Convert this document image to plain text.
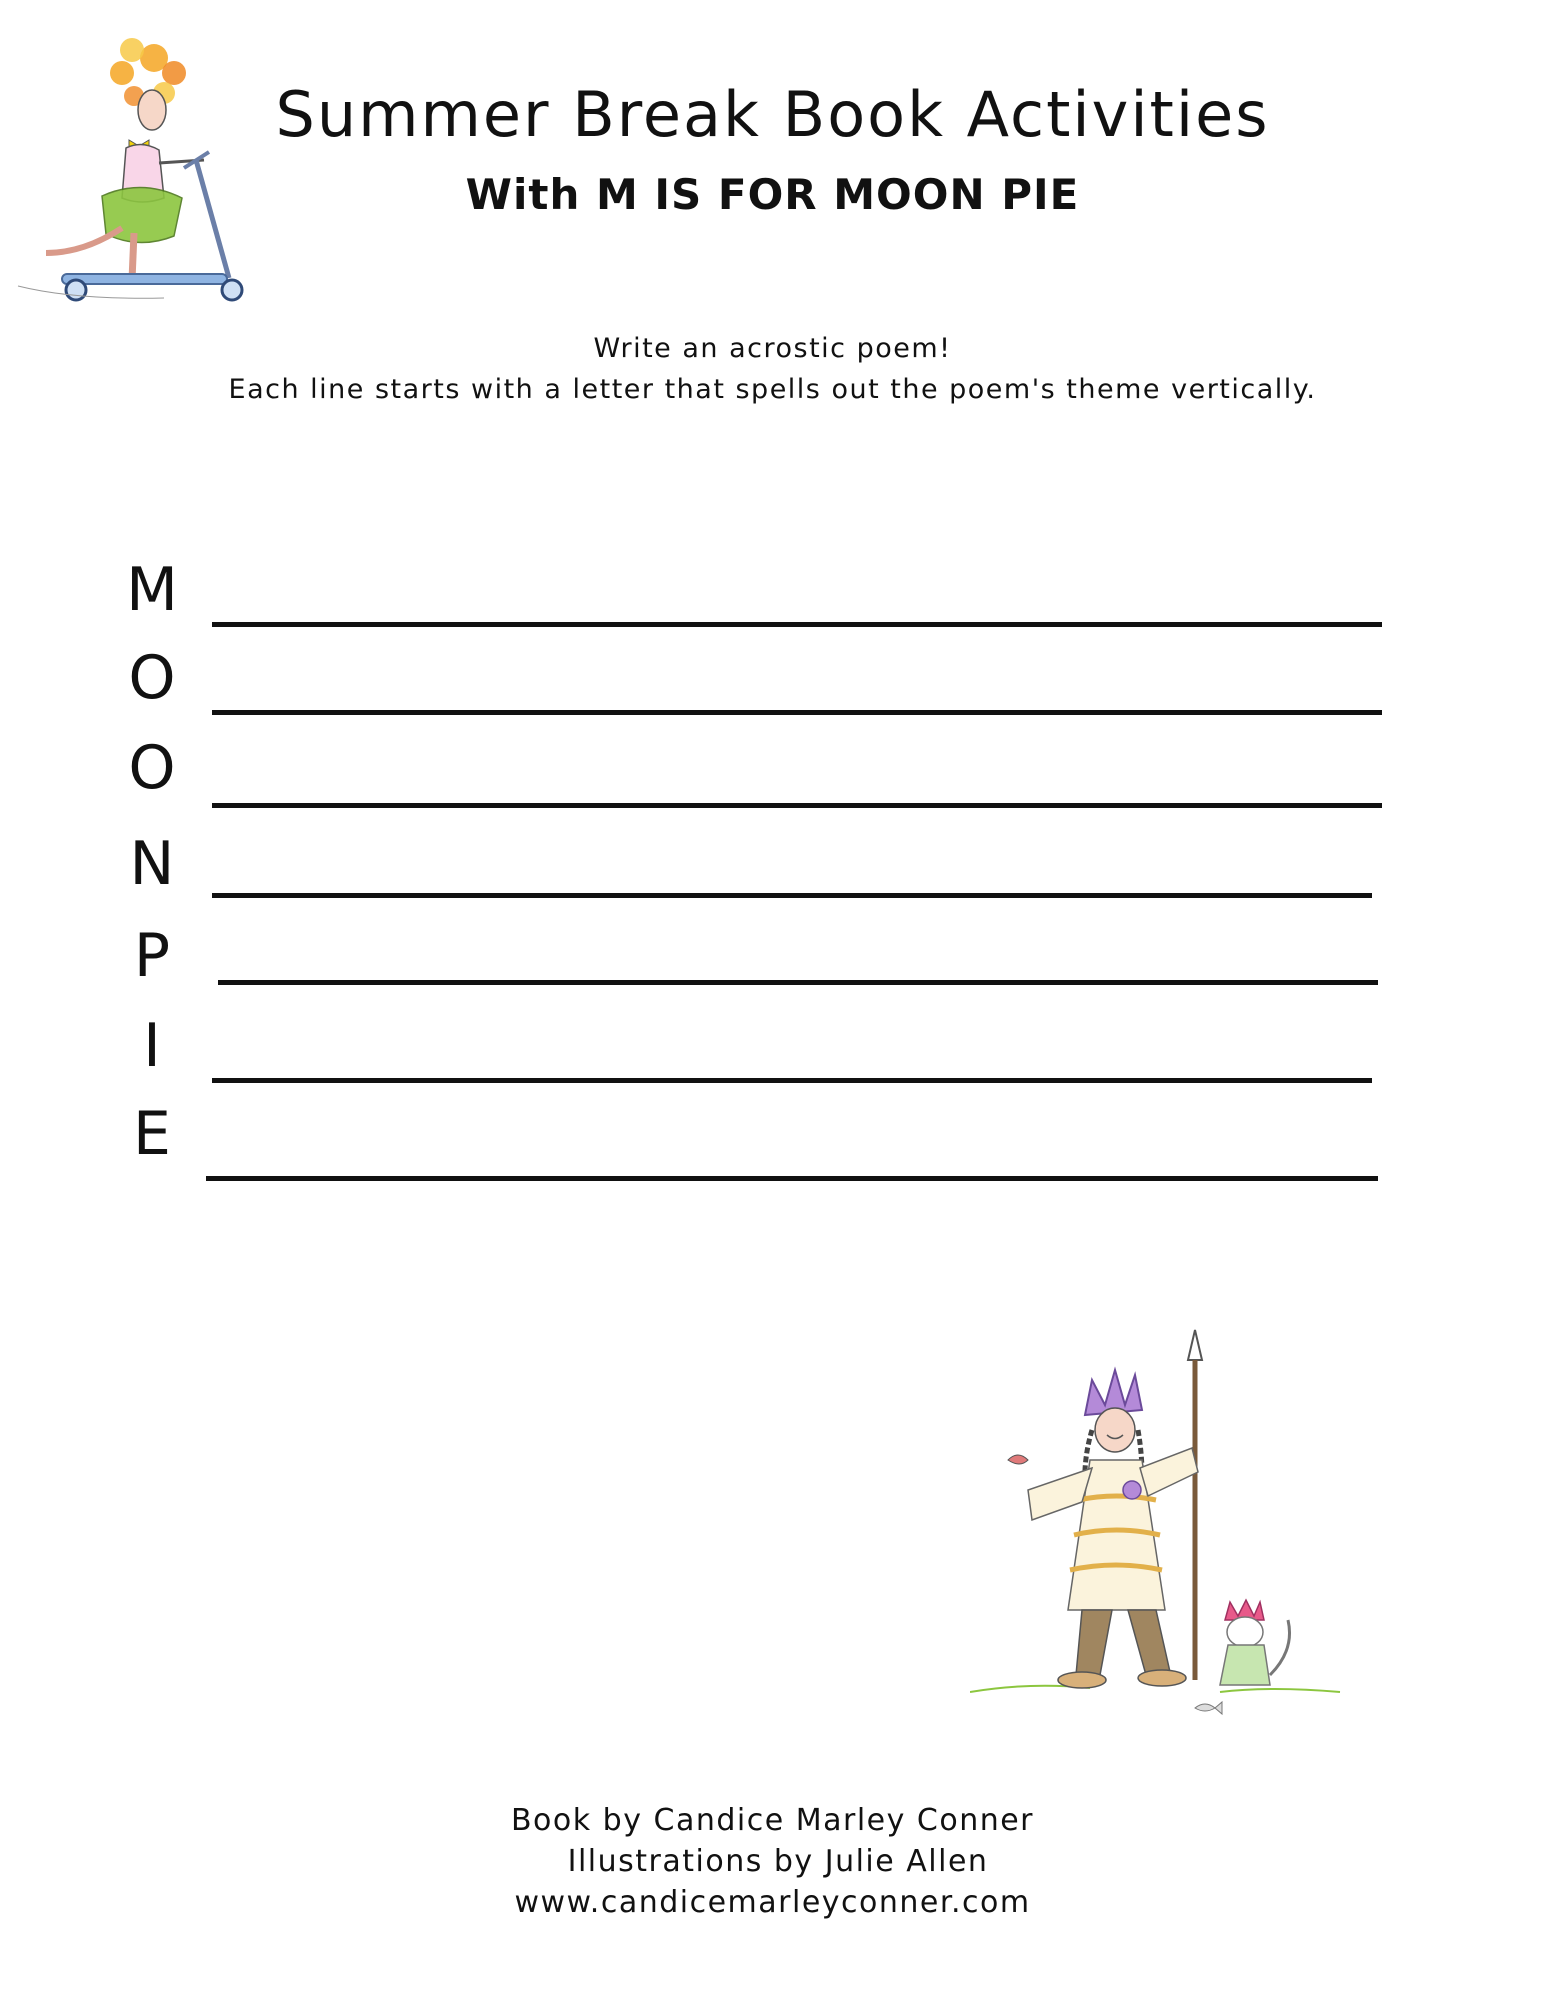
Summer Break Book Activities
With M IS FOR MOON PIE
Write an acrostic poem!
Each line starts with a letter that spells out the poem's theme vertically.
M
O
O
N
P
I
E
Book by Candice Marley Conner
Illustrations by Julie Allen
www.candicemarleyconner.com
